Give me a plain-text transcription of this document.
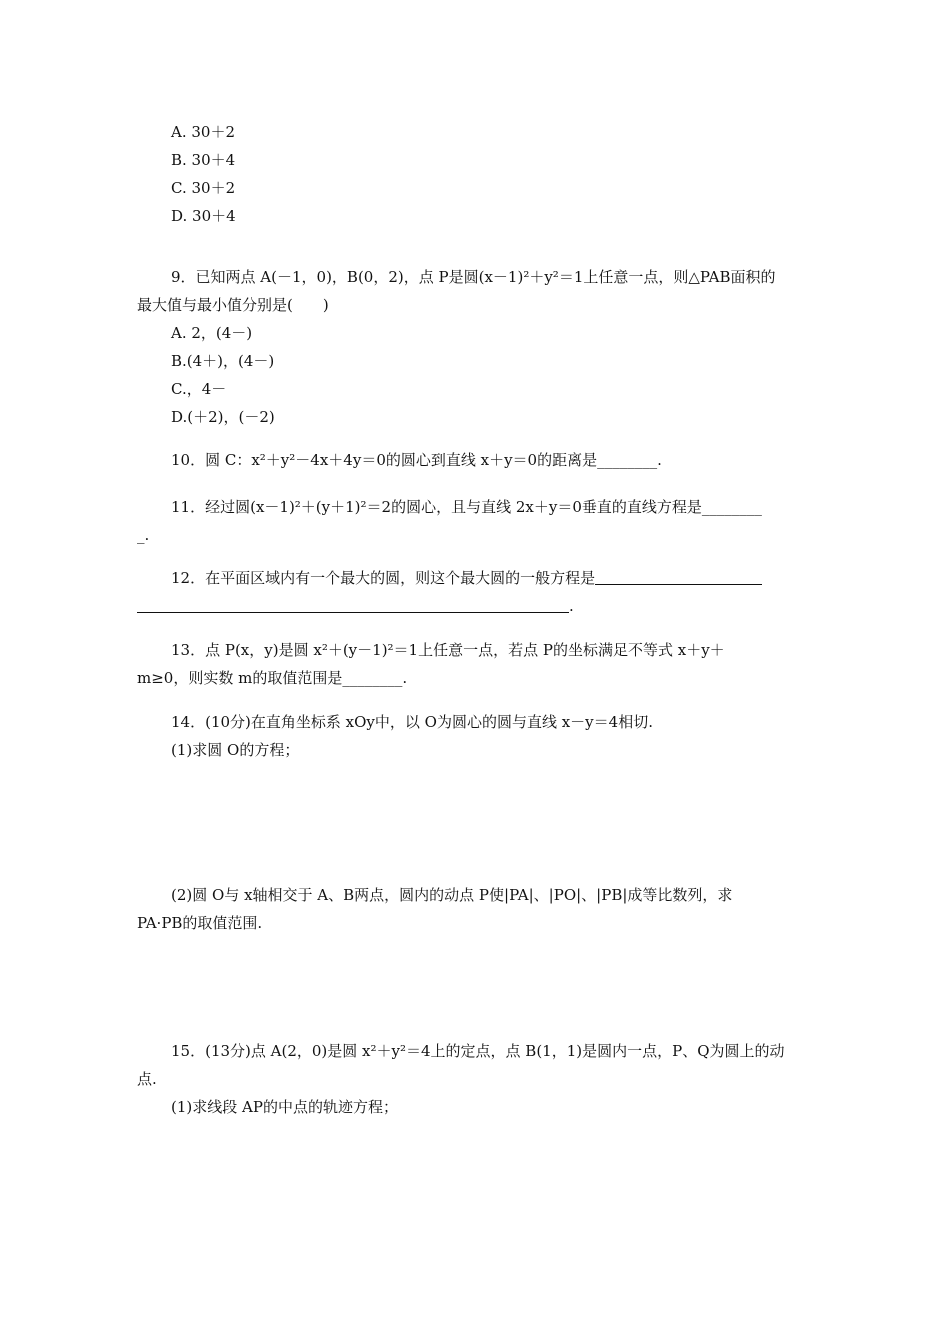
A. 30＋2
B. 30＋4
C. 30＋2
D. 30＋4
9．已知两点 A(－1，0)，B(0，2)，点 P是圆(x－1)²＋y²＝1上任意一点，则△PAB面积的
最大值与最小值分别是(　　)
A. 2，(4－)
B.(4＋)，(4－)
C.，4－
D.(＋2)，(－2)
10．圆 C：x²＋y²－4x＋4y＝0的圆心到直线 x＋y＝0的距离是________.
11．经过圆(x－1)²＋(y＋1)²＝2的圆心，且与直线 2x＋y＝0垂直的直线方程是________
_.
12．在平面区域内有一个最大的圆，则这个最大圆的一般方程是
.
13．点 P(x，y)是圆 x²＋(y－1)²＝1上任意一点，若点 P的坐标满足不等式 x＋y＋
m≥0，则实数 m的取值范围是________.
14．(10分)在直角坐标系 xOy中，以 O为圆心的圆与直线 x－y＝4相切.
(1)求圆 O的方程；
(2)圆 O与 x轴相交于 A、B两点，圆内的动点 P使|PA|、|PO|、|PB|成等比数列，求
PA·PB的取值范围.
15．(13分)点 A(2，0)是圆 x²＋y²＝4上的定点，点 B(1，1)是圆内一点，P、Q为圆上的动
点.
(1)求线段 AP的中点的轨迹方程；
